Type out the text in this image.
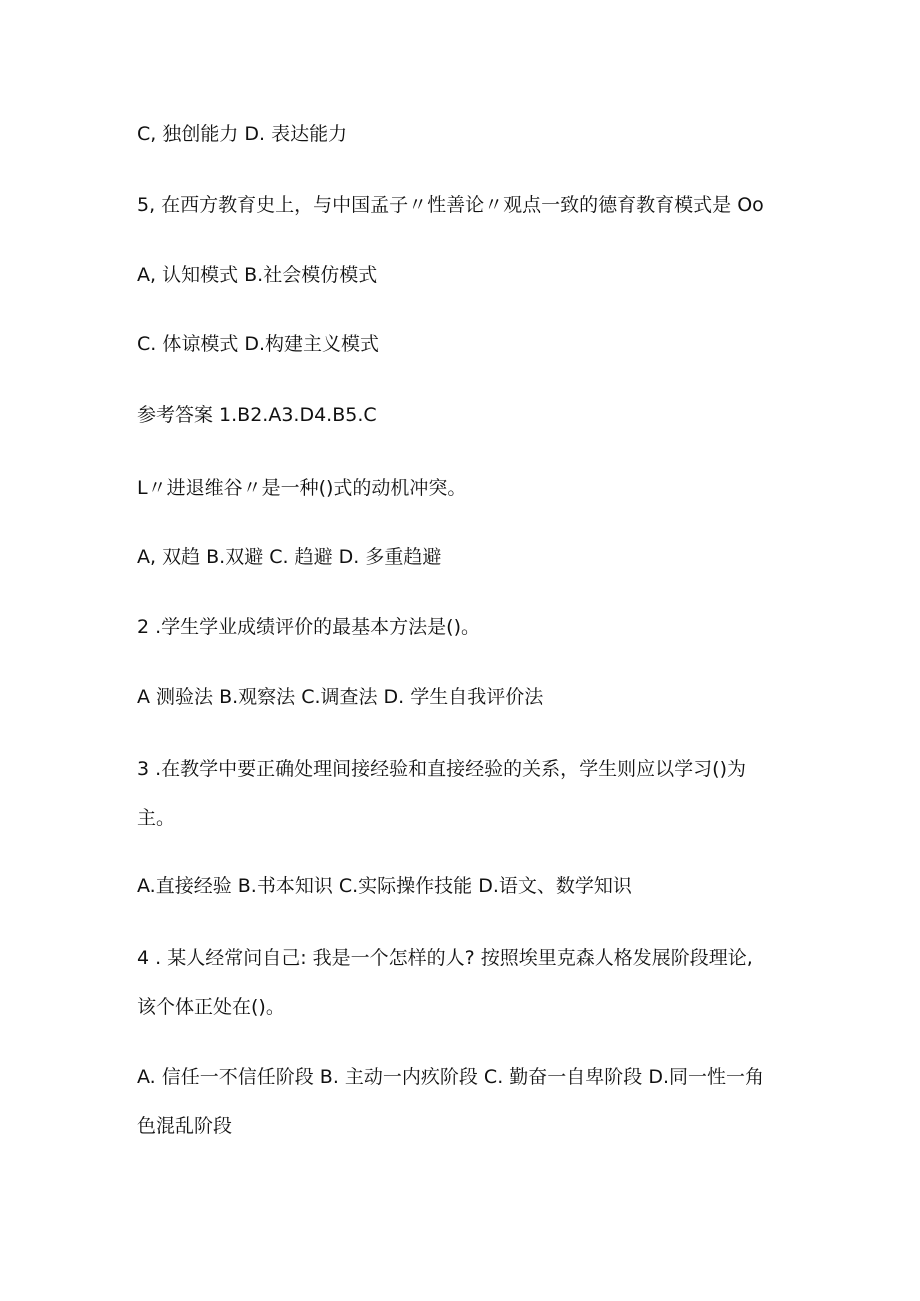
C, 独创能力 D. 表达能力
5, 在西方教育史上，与中国孟子〃性善论〃观点一致的德育教育模式是 Oo
A, 认知模式 B.社会模仿模式
C. 体谅模式 D.构建主义模式
参考答案 1.B2.A3.D4.B5.C
L〃进退维谷〃是一种()式的动机冲突。
A, 双趋 B.双避 C. 趋避 D. 多重趋避
2 .学生学业成绩评价的最基本方法是()。
A 测验法 B.观察法 C.调查法 D. 学生自我评价法
3 .在教学中要正确处理间接经验和直接经验的关系，学生则应以学习()为
主。
A.直接经验 B.书本知识 C.实际操作技能 D.语文、数学知识
4 . 某人经常问自己: 我是一个怎样的人? 按照埃里克森人格发展阶段理论,
该个体正处在()。
A. 信任一不信任阶段 B. 主动一内疚阶段 C. 勤奋一自卑阶段 D.同一性一角
色混乱阶段
